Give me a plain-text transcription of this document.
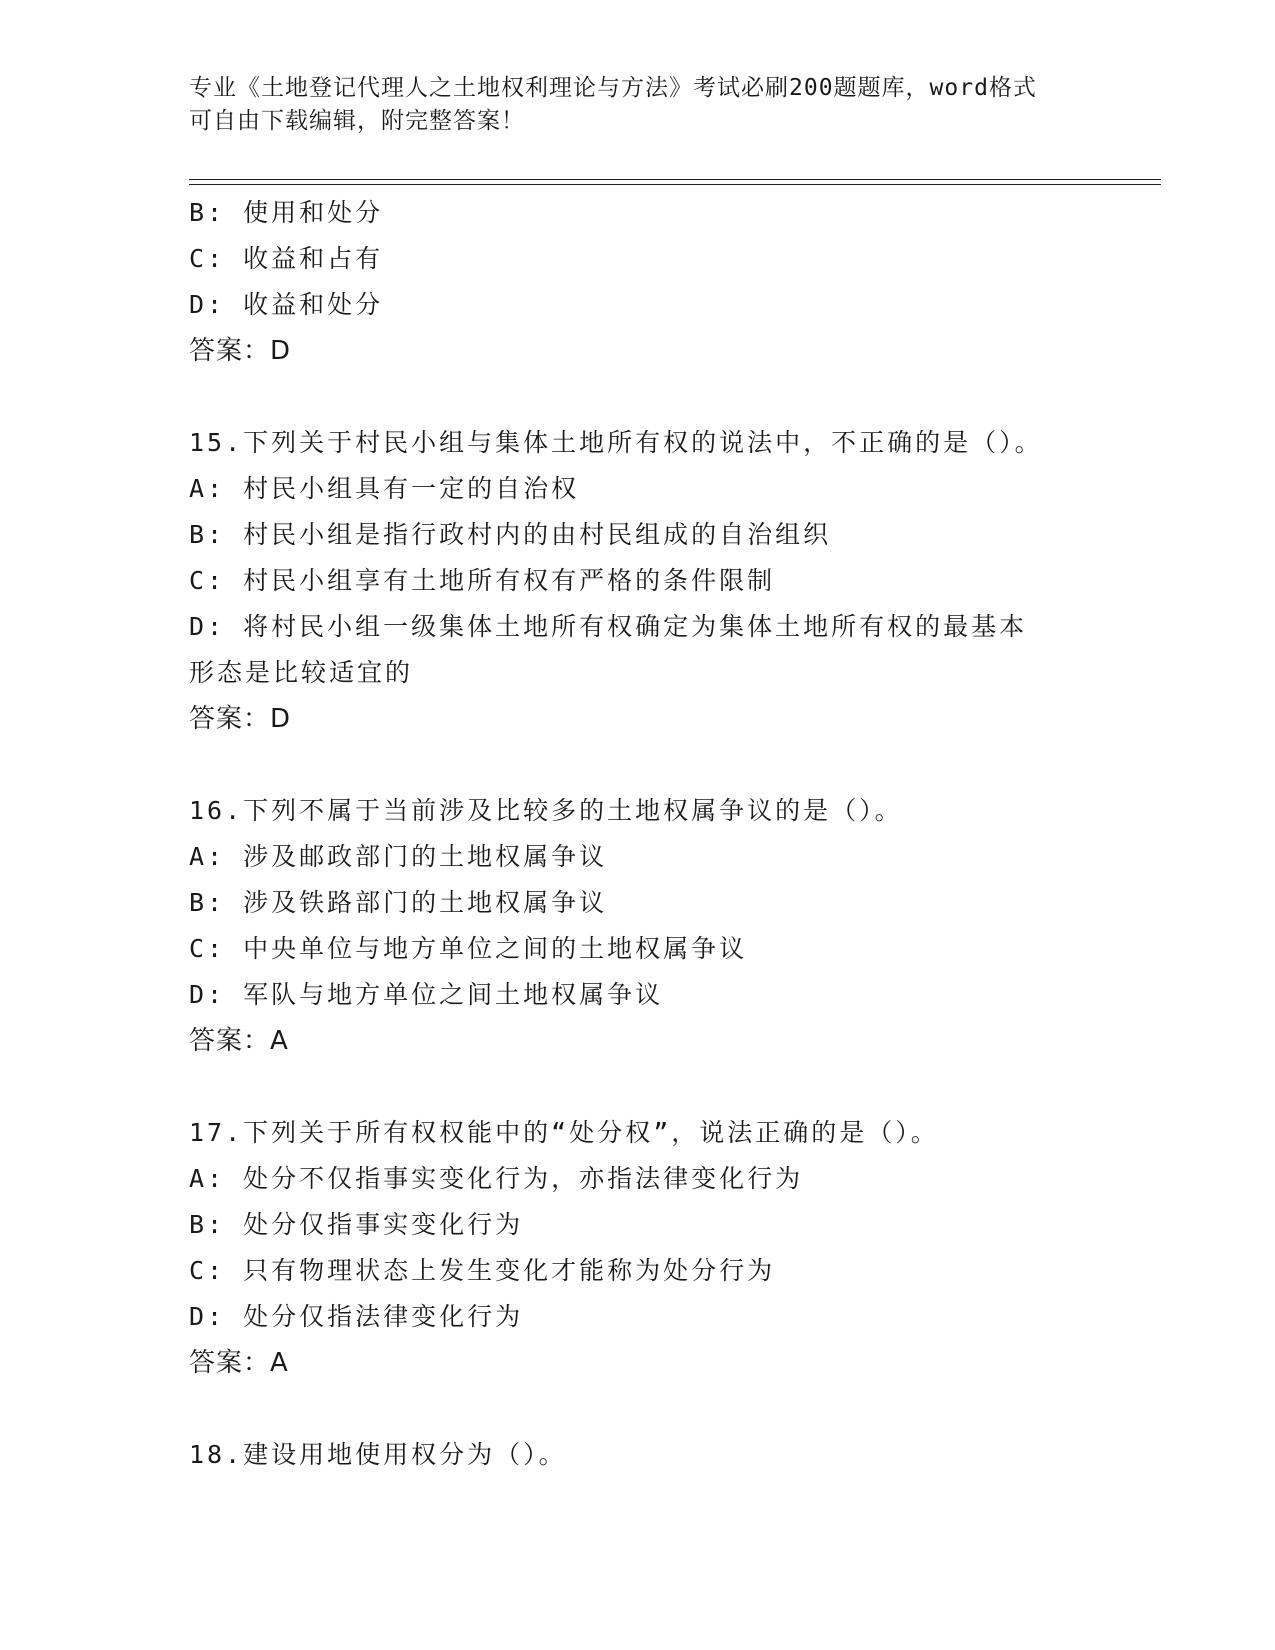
专业《土地登记代理人之土地权利理论与方法》考试必刷200题题库，word格式
可自由下载编辑，附完整答案！
B: 使用和处分
C: 收益和占有
D: 收益和处分
答案：D
15.下列关于村民小组与集体土地所有权的说法中，不正确的是（）。
A: 村民小组具有一定的自治权
B: 村民小组是指行政村内的由村民组成的自治组织
C: 村民小组享有土地所有权有严格的条件限制
D: 将村民小组一级集体土地所有权确定为集体土地所有权的最基本形态是比较适宜的
答案：D
16.下列不属于当前涉及比较多的土地权属争议的是（）。
A: 涉及邮政部门的土地权属争议
B: 涉及铁路部门的土地权属争议
C: 中央单位与地方单位之间的土地权属争议
D: 军队与地方单位之间土地权属争议
答案：A
17.下列关于所有权权能中的“处分权”，说法正确的是（）。
A: 处分不仅指事实变化行为，亦指法律变化行为
B: 处分仅指事实变化行为
C: 只有物理状态上发生变化才能称为处分行为
D: 处分仅指法律变化行为
答案：A
18.建设用地使用权分为（）。
